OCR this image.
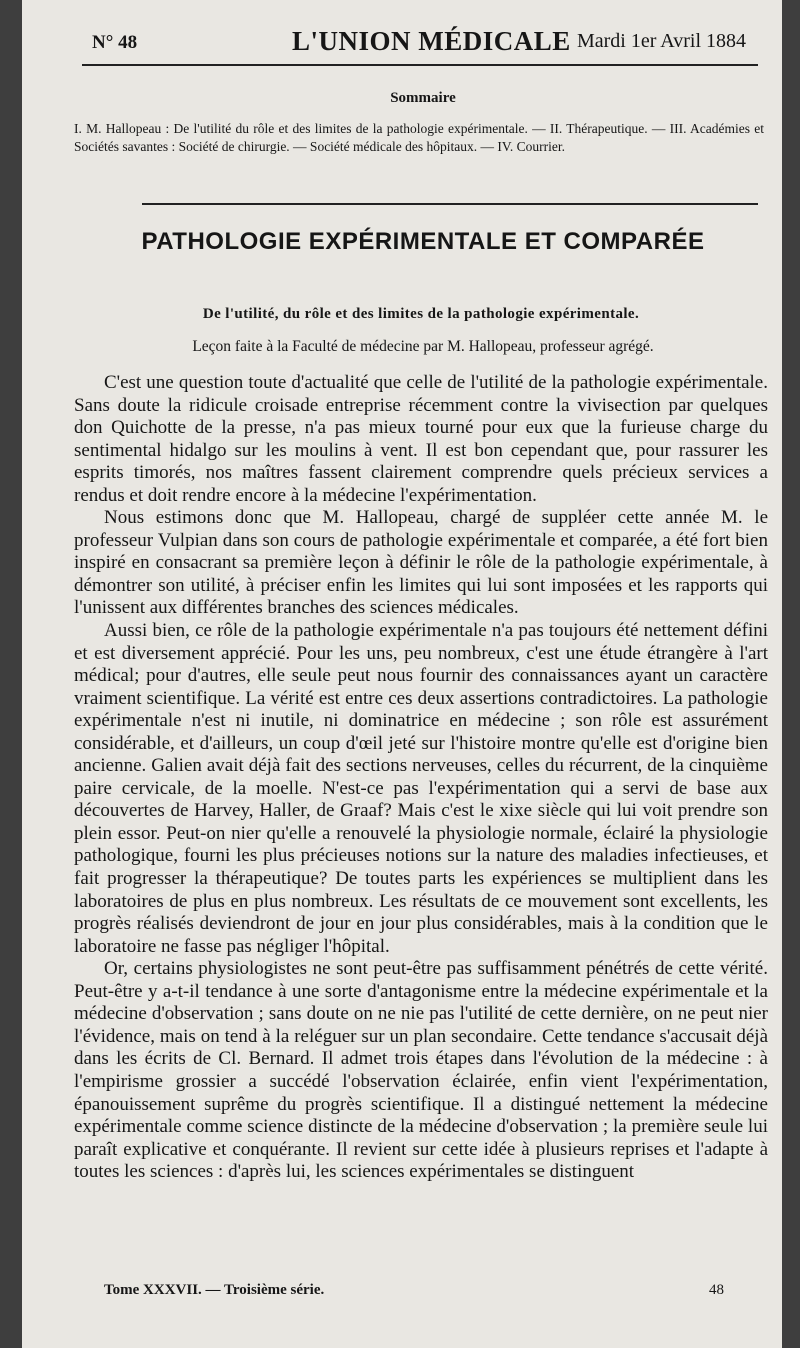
N° 48	L'UNION MÉDICALE Mardi 1er Avril 1884
Sommaire
I. M. Hallopeau : De l'utilité du rôle et des limites de la pathologie expérimentale. — II. Thérapeutique. — III. Académies et Sociétés savantes : Société de chirurgie. — Société médicale des hôpitaux. — IV. Courrier.
PATHOLOGIE EXPÉRIMENTALE ET COMPARÉE
De l'utilité, du rôle et des limites de la pathologie expérimentale.
Leçon faite à la Faculté de médecine par M. Hallopeau, professeur agrégé.

C'est une question toute d'actualité que celle de l'utilité de la pathologie expérimentale. Sans doute la ridicule croisade entreprise récemment contre la vivisection par quelques don Quichotte de la presse, n'a pas mieux tourné pour eux que la furieuse charge du sentimental hidalgo sur les moulins à vent. Il est bon cependant que, pour rassurer les esprits timorés, nos maîtres fassent clairement comprendre quels précieux services a rendus et doit rendre encore à la médecine l'expérimentation.

Nous estimons donc que M. Hallopeau, chargé de suppléer cette année M. le professeur Vulpian dans son cours de pathologie expérimentale et comparée, a été fort bien inspiré en consacrant sa première leçon à définir le rôle de la pathologie expérimentale, à démontrer son utilité, à préciser enfin les limites qui lui sont imposées et les rapports qui l'unissent aux différentes branches des sciences médicales.

Aussi bien, ce rôle de la pathologie expérimentale n'a pas toujours été nettement défini et est diversement apprécié. Pour les uns, peu nombreux, c'est une étude étrangère à l'art médical; pour d'autres, elle seule peut nous fournir des connaissances ayant un caractère vraiment scientifique. La vérité est entre ces deux assertions contradictoires. La pathologie expérimentale n'est ni inutile, ni dominatrice en médecine ; son rôle est assurément considérable, et d'ailleurs, un coup d'œil jeté sur l'histoire montre qu'elle est d'origine bien ancienne. Galien avait déjà fait des sections nerveuses, celles du récurrent, de la cinquième paire cervicale, de la moelle. N'est-ce pas l'expérimentation qui a servi de base aux découvertes de Harvey, Haller, de Graaf? Mais c'est le xixe siècle qui lui voit prendre son plein essor. Peut-on nier qu'elle a renouvelé la physiologie normale, éclairé la physiologie pathologique, fourni les plus précieuses notions sur la nature des maladies infectieuses, et fait progresser la thérapeutique? De toutes parts les expériences se multiplient dans les laboratoires de plus en plus nombreux. Les résultats de ce mouvement sont excellents, les progrès réalisés deviendront de jour en jour plus considérables, mais à la condition que le laboratoire ne fasse pas négliger l'hôpital.

Or, certains physiologistes ne sont peut-être pas suffisamment pénétrés de cette vérité. Peut-être y a-t-il tendance à une sorte d'antagonisme entre la médecine expérimentale et la médecine d'observation ; sans doute on ne nie pas l'utilité de cette dernière, on ne peut nier l'évidence, mais on tend à la reléguer sur un plan secondaire. Cette tendance s'accusait déjà dans les écrits de Cl. Bernard. Il admet trois étapes dans l'évolution de la médecine : à l'empirisme grossier a succédé l'observation éclairée, enfin vient l'expérimentation, épanouissement suprême du progrès scientifique. Il a distingué nettement la médecine expérimentale comme science distincte de la médecine d'observation ; la première seule lui paraît explicative et conquérante. Il revient sur cette idée à plusieurs reprises et l'adapte à toutes les sciences : d'après lui, les sciences expérimentales se distinguent

Tome XXXVII. — Troisième série.	48
